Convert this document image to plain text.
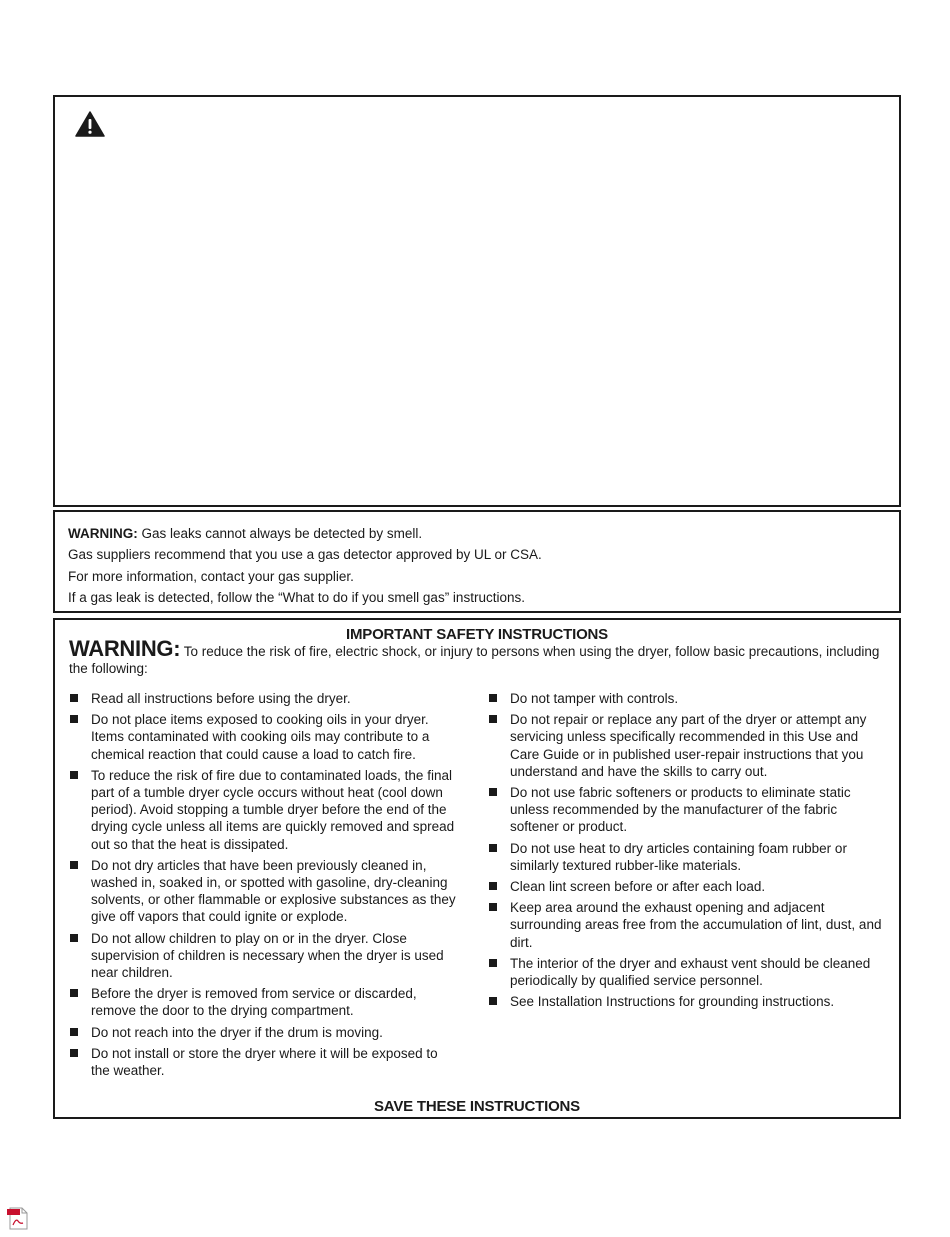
WARNING: Gas leaks cannot always be detected by smell.
Gas suppliers recommend that you use a gas detector approved by UL or CSA.
For more information, contact your gas supplier.
If a gas leak is detected, follow the “What to do if you smell gas” instructions.
IMPORTANT SAFETY INSTRUCTIONS
WARNING: To reduce the risk of fire, electric shock, or injury to persons when using the dryer, follow basic precautions, including the following:
Read all instructions before using the dryer.
Do not place items exposed to cooking oils in your dryer. Items contaminated with cooking oils may contribute to a chemical reaction that could cause a load to catch fire.
To reduce the risk of fire due to contaminated loads, the final part of a tumble dryer cycle occurs without heat (cool down period). Avoid stopping a tumble dryer before the end of the drying cycle unless all items are quickly removed and spread out so that the heat is dissipated.
Do not dry articles that have been previously cleaned in, washed in, soaked in, or spotted with gasoline, dry-cleaning solvents, or other flammable or explosive substances as they give off vapors that could ignite or explode.
Do not allow children to play on or in the dryer. Close supervision of children is necessary when the dryer is used near children.
Before the dryer is removed from service or discarded, remove the door to the drying compartment.
Do not reach into the dryer if the drum is moving.
Do not install or store the dryer where it will be exposed to the weather.
Do not tamper with controls.
Do not repair or replace any part of the dryer or attempt any servicing unless specifically recommended in this Use and Care Guide or in published user-repair instructions that you understand and have the skills to carry out.
Do not use fabric softeners or products to eliminate static unless recommended by the manufacturer of the fabric softener or product.
Do not use heat to dry articles containing foam rubber or similarly textured rubber-like materials.
Clean lint screen before or after each load.
Keep area around the exhaust opening and adjacent surrounding areas free from the accumulation of lint, dust, and dirt.
The interior of the dryer and exhaust vent should be cleaned periodically by qualified service personnel.
See Installation Instructions for grounding instructions.
SAVE THESE INSTRUCTIONS
